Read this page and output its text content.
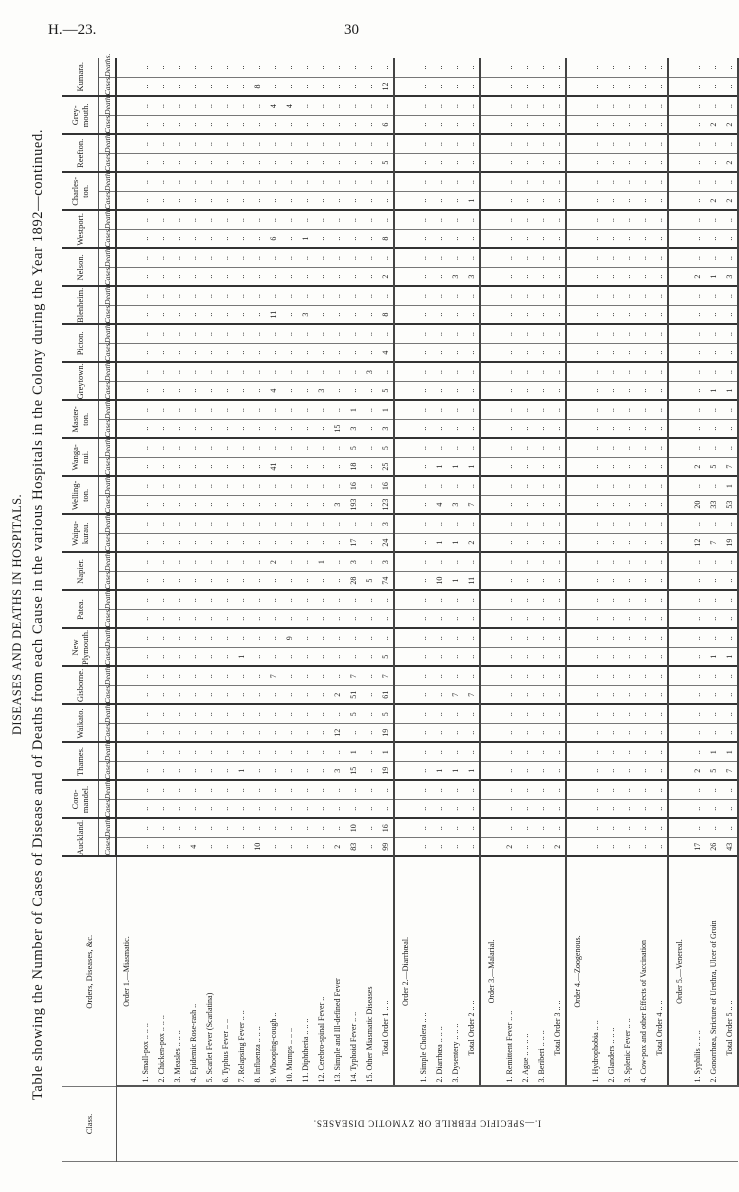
H.—23.	30
DISEASES AND DEATHS IN HOSPITALS. Table showing the Number of Cases of Disease and of Deaths from each Cause in the various Hospitals in the Colony during the Year 1892—continued.
Class.	Orders, Diseases, &c.	Auckland.		Coro-mandel.		Thames.		Waikato.		Gisborne.		New Plymouth.		Patea.		Napier.		Waipu-kurau.		Welling-ton.		Wanga-nui.		Master-ton.		Greytown.		Picton.		Blenheim.		Nelson.		Westport.		Charles-ton.		Reefton.		Grey-mouth.		Kumara.	
		Cases.	Deaths.	Cases.	Deaths.	Cases.	Deaths.	Cases.	Deaths.	Cases.	Deaths.	Cases.	Deaths.	Cases.	Deaths.	Cases.	Deaths.	Cases.	Deaths.	Cases.	Deaths.	Cases.	Deaths.	Cases.	Deaths.	Cases.	Deaths.	Cases.	Deaths.	Cases.	Deaths.	Cases.	Deaths.	Cases.	Deaths.	Cases.	Deaths.	Cases.	Deaths.	Cases.	Deaths.	Cases.	Deaths.
I.—SPECIFIC FEBRILE OR ZYMOTIC DISEASES.	Order 1.—Miasmatic.																																										
	1. Small-pox .. .. ..	..	..	..	..	..	..	..	..	..	..	..	..	..	..	..	..	..	..	..	..	..	..	..	..	..	..	..	..	..	..	..	..	..	..	..	..	..	..	..	..	..	..
	2. Chicken-pox .. .. ..	..	..	..	..	..	..	..	..	..	..	..	..	..	..	..	..	..	..	..	..	..	..	..	..	..	..	..	..	..	..	..	..	..	..	..	..	..	..	..	..	..	..
	3. Measles .. .. ..	..	..	..	..	..	..	..	..	..	..	..	..	..	..	..	..	..	..	..	..	..	..	..	..	..	..	..	..	..	..	..	..	..	..	..	..	..	..	..	..	..	..
	4. Epidemic Rose-rash ..	4	..	..	..	..	..	..	..	..	..	..	..	..	..	..	..	..	..	..	..	..	..	..	..	..	..	..	..	..	..	..	..	..	..	..	..	..	..	..	..	..	..
	5. Scarlet Fever (Scarlatina)	..	..	..	..	..	..	..	..	..	..	..	..	..	..	..	..	..	..	..	..	..	..	..	..	..	..	..	..	..	..	..	..	..	..	..	..	..	..	..	..	..	..
	6. Typhus Fever .. ..	..	..	..	..	..	..	..	..	..	..	..	..	..	..	..	..	..	..	..	..	..	..	..	..	..	..	..	..	..	..	..	..	..	..	..	..	..	..	..	..	..	..
	7. Relapsing Fever .. ..	..	..	..	..	1	..	..	..	..	..	1	..	..	..	..	..	..	..	..	..	..	..	..	..	..	..	..	..	..	..	..	..	..	..	..	..	..	..	..	..	..	..
	8. Influenza .. .. ..	10	..	..	..	..	..	..	..	..	..	..	..	..	..	..	..	..	..	..	..	..	..	..	..	..	..	..	..	..	..	..	..	..	..	..	..	..	..	..	..	8	..
	9. Whooping-cough ..	..	..	..	..	..	..	..	..	..	7	..	..	..	..	..	2	..	..	..	..	41	..	..	..	4	..	..	..	11	..	..	..	6	..	..	..	..	..	..	4	..	..
	10. Mumps .. .. ..	..	..	..	..	..	..	..	..	..	..	..	9	..	..	..	..	..	..	..	..	..	..	..	..	..	..	..	..	..	..	..	..	..	..	..	..	..	..	..	4	..	..
	11. Diphtheria .. .. ..	..	..	..	..	..	..	..	..	..	..	..	..	..	..	..	..	..	..	..	..	..	..	..	..	..	..	..	..	3	..	..	..	1	..	..	..	..	..	..	..	..	..
	12. Cerebro-spinal Fever ..	..	..	..	..	..	..	..	..	..	..	..	..	..	..	..	1	..	..	..	..	..	..	..	..	3	..	..	..	..	..	..	..	..	..	..	..	..	..	..	..	..	..
	13. Simple and Ill-defined Fever	2	..	..	..	3	..	12	..	2	..	..	..	..	..	..	..	..	..	3	..	..	..	15	..	..	..	..	..	..	..	..	..	..	..	..	..	..	..	..	..	..	..
	14. Typhoid Fever .. ..	83	10	..	..	15	1	..	5	51	7	..	..	..	..	28	3	17	..	193	16	18	5	3	1	..	..	..	..	..	..	..	..	..	..	..	..	..	..	..	..	..	..
	15. Other Miasmatic Diseases	..	..	..	..	..	..	..	..	..	..	..	..	..	..	5	..	..	..	..	..	..	..	..	..	..	3	..	..	..	..	..	..	..	..	..	..	..	..	..	..	..	..
	Total Order 1 .. ..	99	16	..	..	19	1	19	5	61	7	5	..	..	..	74	3	24	3	123	16	25	5	3	1	5	..	4	..	8	..	2	..	8	..	..	..	5	..	6	..	12	..
	Order 2.—Diarrhœal.																																										
	1. Simple Cholera .. ..	..	..	..	..	..	..	..	..	..	..	..	..	..	..	..	..	..	..	..	..	..	..	..	..	..	..	..	..	..	..	..	..	..	..	..	..	..	..	..	..	..	..
	2. Diarrhœa .. .. ..	..	..	..	..	1	..	..	..	..	..	..	..	..	..	10	..	1	..	4	..	1	..	..	..	..	..	..	..	..	..	..	..	..	..	..	..	..	..	..	..	..	..
	3. Dysentery .. .. ..	..	..	..	..	1	..	..	..	7	..	..	..	..	..	1	..	1	..	3	..	1	..	..	..	..	..	..	..	..	..	3	..	..	..	..	..	..	..	..	..	..	..
	Total Order 2 .. ..	..	..	..	..	1	..	..	..	7	..	..	..	..	..	11	..	2	..	7	..	1	..	..	..	..	..	..	..	..	..	3	..	..	..	1	..	..	..	..	..	..	..
	Order 3.—Malarial.																																										
	1. Remittent Fever .. ..	2	..	..	..	..	..	..	..	..	..	..	..	..	..	..	..	..	..	..	..	..	..	..	..	..	..	..	..	..	..	..	..	..	..	..	..	..	..	..	..	..	..
	2. Ague .. .. .. ..	..	..	..	..	..	..	..	..	..	..	..	..	..	..	..	..	..	..	..	..	..	..	..	..	..	..	..	..	..	..	..	..	..	..	..	..	..	..	..	..	..	..
	3. Beriberi .. .. ..	..	..	..	..	..	..	..	..	..	..	..	..	..	..	..	..	..	..	..	..	..	..	..	..	..	..	..	..	..	..	..	..	..	..	..	..	..	..	..	..	..	..
	Total Order 3 .. ..	2	..	..	..	..	..	..	..	..	..	..	..	..	..	..	..	..	..	..	..	..	..	..	..	..	..	..	..	..	..	..	..	..	..	..	..	..	..	..	..	..	..
	Order 4.—Zoogenous.																																										
	1. Hydrophobia .. ..	..	..	..	..	..	..	..	..	..	..	..	..	..	..	..	..	..	..	..	..	..	..	..	..	..	..	..	..	..	..	..	..	..	..	..	..	..	..	..	..	..	..
	2. Glanders .. .. ..	..	..	..	..	..	..	..	..	..	..	..	..	..	..	..	..	..	..	..	..	..	..	..	..	..	..	..	..	..	..	..	..	..	..	..	..	..	..	..	..	..	..
	3. Splenic Fever .. ..	..	..	..	..	..	..	..	..	..	..	..	..	..	..	..	..	..	..	..	..	..	..	..	..	..	..	..	..	..	..	..	..	..	..	..	..	..	..	..	..	..	..
	4. Cow-pox and other Effects of Vaccination	..	..	..	..	..	..	..	..	..	..	..	..	..	..	..	..	..	..	..	..	..	..	..	..	..	..	..	..	..	..	..	..	..	..	..	..	..	..	..	..	..	..
	Total Order 4 .. ..	..	..	..	..	..	..	..	..	..	..	..	..	..	..	..	..	..	..	..	..	..	..	..	..	..	..	..	..	..	..	..	..	..	..	..	..	..	..	..	..	..	..
	Order 5.—Venereal.																																										
	1. Syphilis .. .. ..	17	..	..	..	2	..	..	..	..	..	..	..	..	..	..	..	12	..	20	..	2	..	..	..	..	..	..	..	..	..	2	..	..	..	..	..	..	..	..	..	..	..
	2. Gonorrhœa, Stricture of Urethra, Ulcer of Groin	26	..	..	..	5	1	..	..	..	..	1	..	..	..	..	..	7	..	33	..	5	..	..	..	1	..	..	..	..	..	1	..	..	..	2	..	..	..	2	..	..	..
	Total Order 5 .. ..	43	..	..	..	7	1	..	..	..	..	1	..	..	..	..	..	19	..	53	1	7	..	..	..	1	..	..	..	..	..	3	..	..	..	2	..	2	..	2	..	..	..
